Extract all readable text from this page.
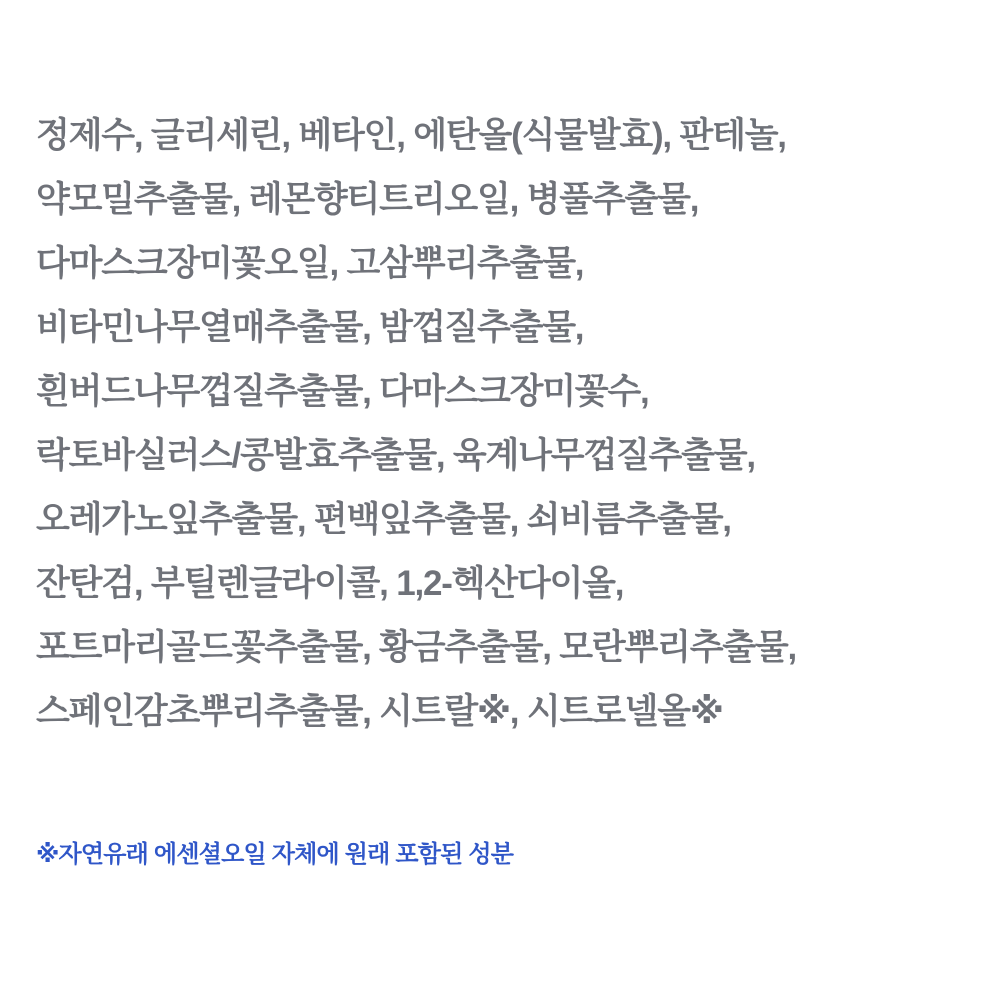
정제수, 글리세린, 베타인, 에탄올(식물발효), 판테놀,
약모밀추출물, 레몬향티트리오일, 병풀추출물,
다마스크장미꽃오일, 고삼뿌리추출물,
비타민나무열매추출물, 밤껍질추출물,
흰버드나무껍질추출물, 다마스크장미꽃수,
락토바실러스/콩발효추출물, 육계나무껍질추출물,
오레가노잎추출물, 편백잎추출물, 쇠비름추출물,
잔탄검, 부틸렌글라이콜, 1,2-헥산다이올,
포트마리골드꽃추출물, 황금추출물, 모란뿌리추출물,
스페인감초뿌리추출물, 시트랄※, 시트로넬올※
※자연유래 에센셜오일 자체에 원래 포함된 성분
